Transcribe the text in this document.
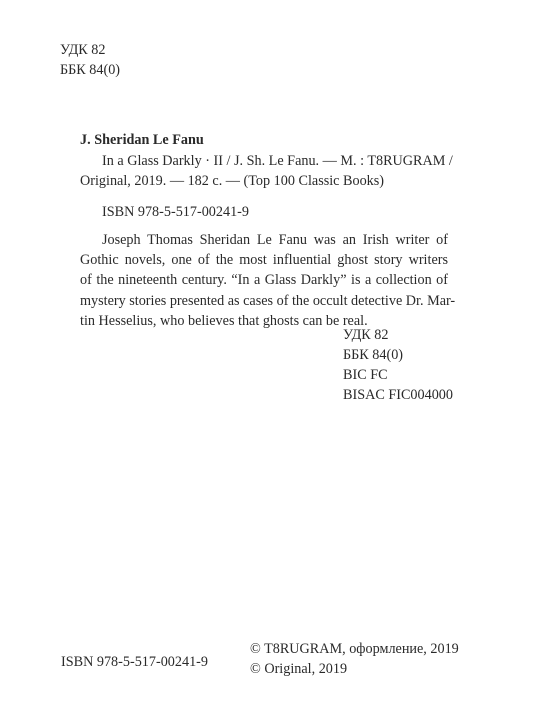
УДК 82
ББК 84(0)
J. Sheridan Le Fanu
In a Glass Darkly · II / J. Sh. Le Fanu. — M. : T8RUGRAM /
Original, 2019. — 182 с. — (Top 100 Classic Books)
ISBN 978-5-517-00241-9
Joseph Thomas Sheridan Le Fanu was an Irish writer of
Gothic novels, one of the most influential ghost story writers
of the nineteenth century. “In a Glass Darkly” is a collection of
mystery stories presented as cases of the occult detective Dr. Mar-
tin Hesselius, who believes that ghosts can be real.
УДК 82
ББК 84(0)
BIC FC
BISAC FIC004000
ISBN 978-5-517-00241-9
© T8RUGRAM, оформление, 2019
© Original, 2019
